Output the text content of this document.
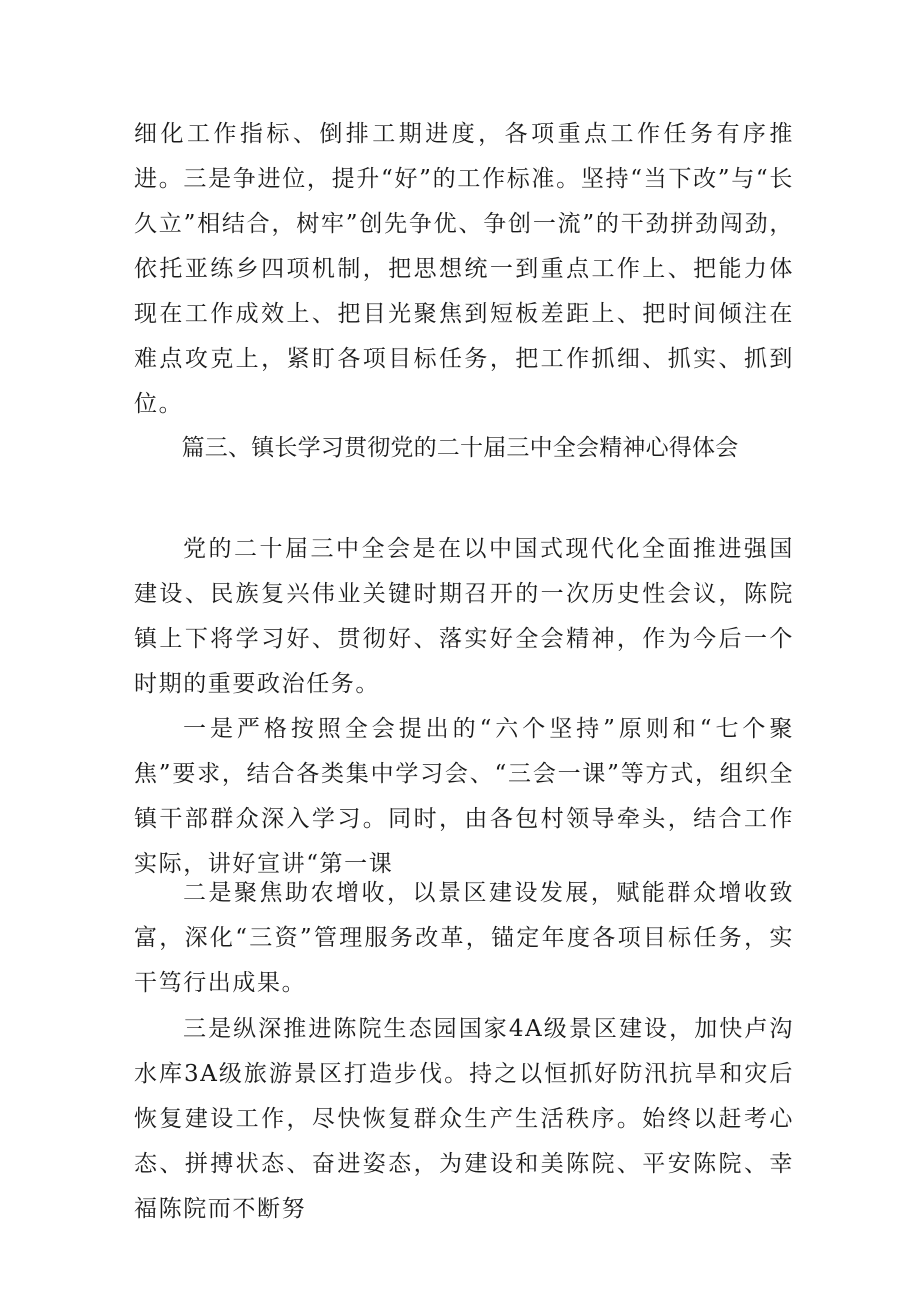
细化工作指标、倒排工期进度，各项重点工作任务有序推进。三是争进位，提升“好”的工作标准。坚持“当下改”与“长久立”相结合，树牢”创先争优、争创一流”的干劲拼劲闯劲，依托亚练乡四项机制，把思想统一到重点工作上、把能力体现在工作成效上、把目光聚焦到短板差距上、把时间倾注在难点攻克上，紧盯各项目标任务，把工作抓细、抓实、抓到位。

篇三、镇长学习贯彻党的二十届三中全会精神心得体会

党的二十届三中全会是在以中国式现代化全面推进强国建设、民族复兴伟业关键时期召开的一次历史性会议，陈院镇上下将学习好、贯彻好、落实好全会精神，作为今后一个时期的重要政治任务。

一是严格按照全会提出的“六个坚持”原则和“七个聚焦”要求，结合各类集中学习会、“三会一课”等方式，组织全镇干部群众深入学习。同时，由各包村领导牵头，结合工作实际，讲好宣讲“第一课

二是聚焦助农增收，以景区建设发展，赋能群众增收致富，深化“三资”管理服务改革，锚定年度各项目标任务，实干笃行出成果。

三是纵深推进陈院生态园国家4A级景区建设，加快卢沟水库3A级旅游景区打造步伐。持之以恒抓好防汛抗旱和灾后恢复建设工作，尽快恢复群众生产生活秩序。始终以赶考心态、拼搏状态、奋进姿态，为建设和美陈院、平安陈院、幸福陈院而不断努
